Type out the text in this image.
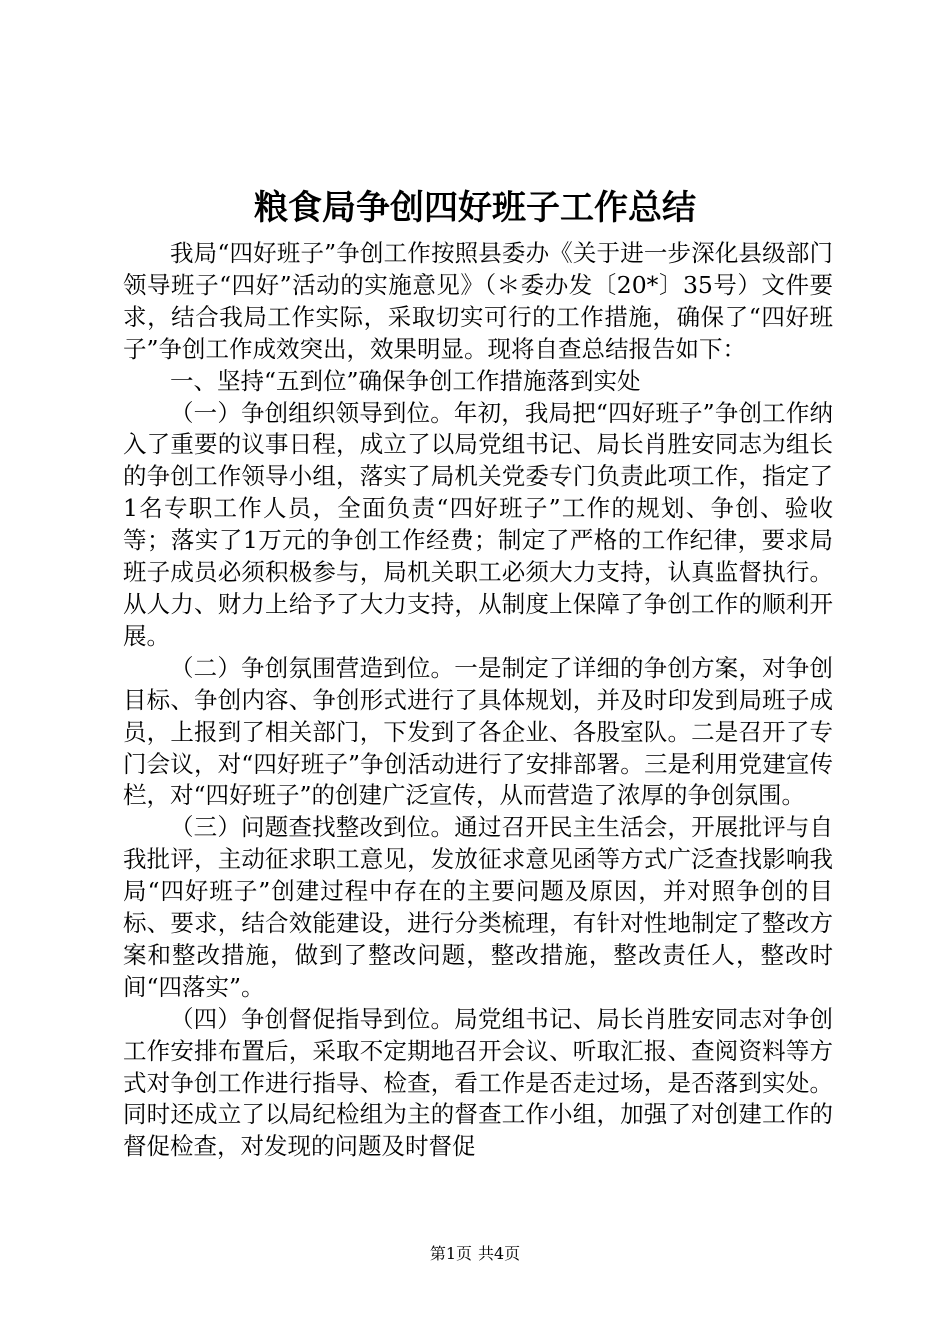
粮食局争创四好班子工作总结

我局“四好班子”争创工作按照县委办《关于进一步深化县级部门领导班子“四好”活动的实施意见》（＊委办发〔20*〕35号）文件要求，结合我局工作实际，采取切实可行的工作措施，确保了“四好班子”争创工作成效突出，效果明显。现将自查总结报告如下：

一、坚持“五到位”确保争创工作措施落到实处

（一）争创组织领导到位。年初，我局把“四好班子”争创工作纳入了重要的议事日程，成立了以局党组书记、局长肖胜安同志为组长的争创工作领导小组，落实了局机关党委专门负责此项工作，指定了1名专职工作人员，全面负责“四好班子”工作的规划、争创、验收等；落实了1万元的争创工作经费；制定了严格的工作纪律，要求局班子成员必须积极参与，局机关职工必须大力支持，认真监督执行。从人力、财力上给予了大力支持，从制度上保障了争创工作的顺利开展。

（二）争创氛围营造到位。一是制定了详细的争创方案，对争创目标、争创内容、争创形式进行了具体规划，并及时印发到局班子成员，上报到了相关部门，下发到了各企业、各股室队。二是召开了专门会议，对“四好班子”争创活动进行了安排部署。三是利用党建宣传栏，对“四好班子”的创建广泛宣传，从而营造了浓厚的争创氛围。

（三）问题查找整改到位。通过召开民主生活会，开展批评与自我批评，主动征求职工意见，发放征求意见函等方式广泛查找影响我局“四好班子”创建过程中存在的主要问题及原因，并对照争创的目标、要求，结合效能建设，进行分类梳理，有针对性地制定了整改方案和整改措施，做到了整改问题，整改措施，整改责任人，整改时间“四落实”。

（四）争创督促指导到位。局党组书记、局长肖胜安同志对争创工作安排布置后，采取不定期地召开会议、听取汇报、查阅资料等方式对争创工作进行指导、检查，看工作是否走过场，是否落到实处。同时还成立了以局纪检组为主的督查工作小组，加强了对创建工作的督促检查，对发现的问题及时督促

第1页 共4页
